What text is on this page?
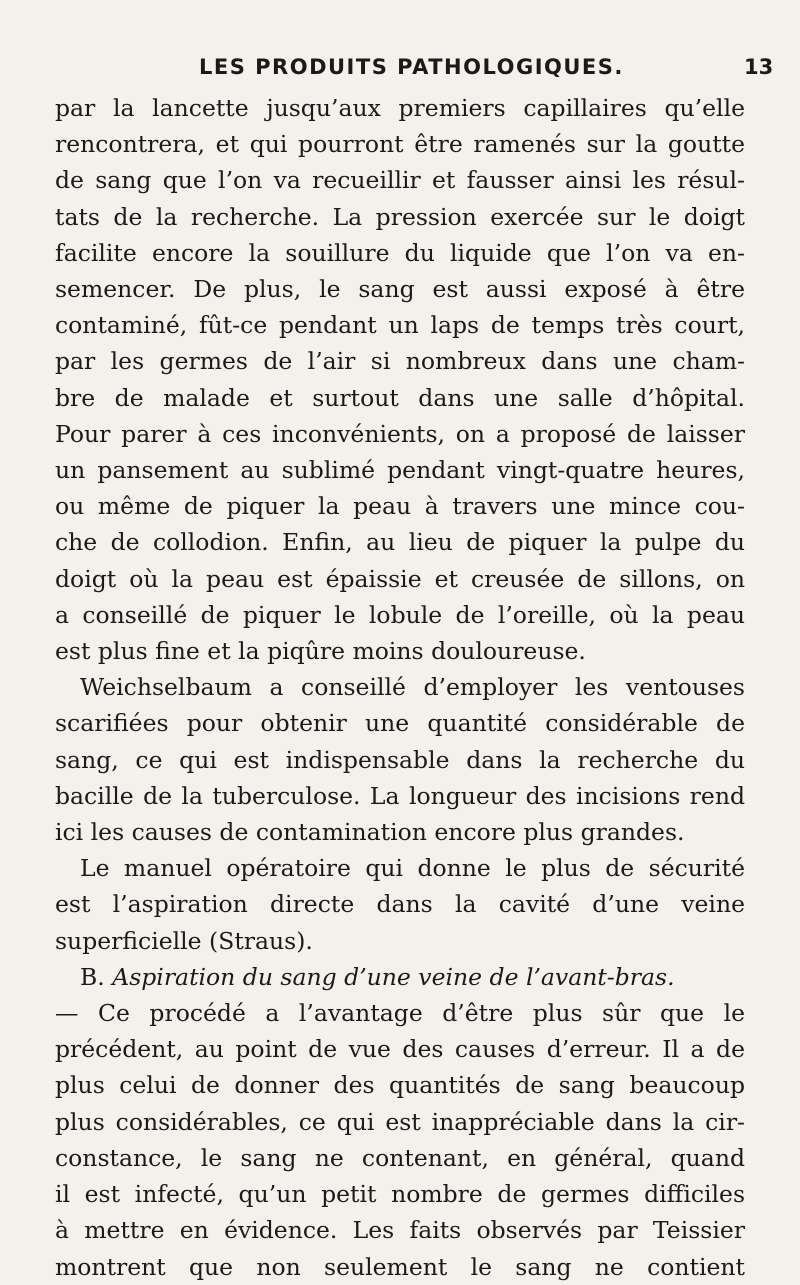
LES PRODUITS PATHOLOGIQUES.	13
par la lancette jusqu’aux premiers capillaires qu’elle
rencontrera, et qui pourront être ramenés sur la goutte
de sang que l’on va recueillir et fausser ainsi les résul-
tats de la recherche. La pression exercée sur le doigt
facilite encore la souillure du liquide que l’on va en-
semencer. De plus, le sang est aussi exposé à être
contaminé, fût-ce pendant un laps de temps très court,
par les germes de l’air si nombreux dans une cham-
bre de malade et surtout dans une salle d’hôpital.
Pour parer à ces inconvénients, on a proposé de laisser
un pansement au sublimé pendant vingt-quatre heures,
ou même de piquer la peau à travers une mince cou-
che de collodion. Enfin, au lieu de piquer la pulpe du
doigt où la peau est épaissie et creusée de sillons, on
a conseillé de piquer le lobule de l’oreille, où la peau
est plus fine et la piqûre moins douloureuse.
Weichselbaum a conseillé d’employer les ventouses
scarifiées pour obtenir une quantité considérable de
sang, ce qui est indispensable dans la recherche du
bacille de la tuberculose. La longueur des incisions rend
ici les causes de contamination encore plus grandes.
Le manuel opératoire qui donne le plus de sécurité
est l’aspiration directe dans la cavité d’une veine
superficielle (Straus).
B. Aspiration du sang d’une veine de l’avant-bras.
— Ce procédé a l’avantage d’être plus sûr que le
précédent, au point de vue des causes d’erreur. Il a de
plus celui de donner des quantités de sang beaucoup
plus considérables, ce qui est inappréciable dans la cir-
constance, le sang ne contenant, en général, quand
il est infecté, qu’un petit nombre de germes difficiles
à mettre en évidence. Les faits observés par Teissier
montrent que non seulement le sang ne contient
